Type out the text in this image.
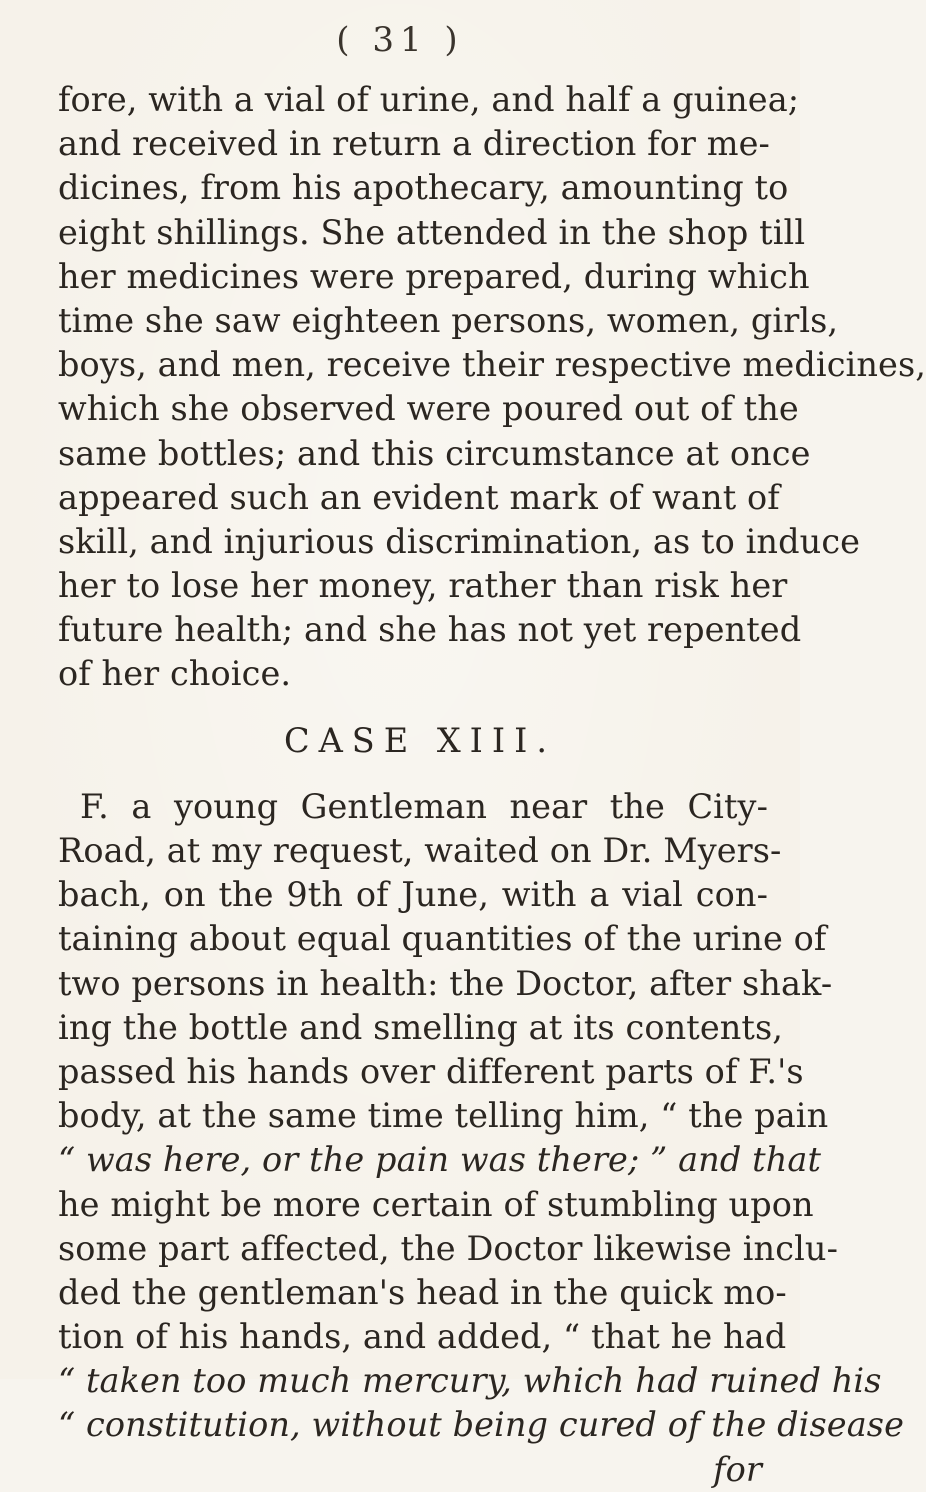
( 31 )
fore, with a vial of urine, and half a guinea;
and received in return a direction for me-
dicines, from his apothecary, amounting to
eight shillings. She attended in the shop till
her medicines were prepared, during which
time she saw eighteen persons, women, girls,
boys, and men, receive their respective medicines,
which she observed were poured out of the
same bottles; and this circumstance at once
appeared such an evident mark of want of
skill, and injurious discrimination, as to induce
her to lose her money, rather than risk her
future health; and she has not yet repented
of her choice.
CASE XIII.
F. a young Gentleman near the City-
Road, at my request, waited on Dr. Myers-
bach, on the 9th of June, with a vial con-
taining about equal quantities of the urine of
two persons in health: the Doctor, after shak-
ing the bottle and smelling at its contents,
passed his hands over different parts of F.'s
body, at the same time telling him, “ the pain
“ was here, or the pain was there; ” and that
he might be more certain of stumbling upon
some part affected, the Doctor likewise inclu-
ded the gentleman's head in the quick mo-
tion of his hands, and added, “ that he had
“ taken too much mercury, which had ruined his
“ constitution, without being cured of the disease
for
